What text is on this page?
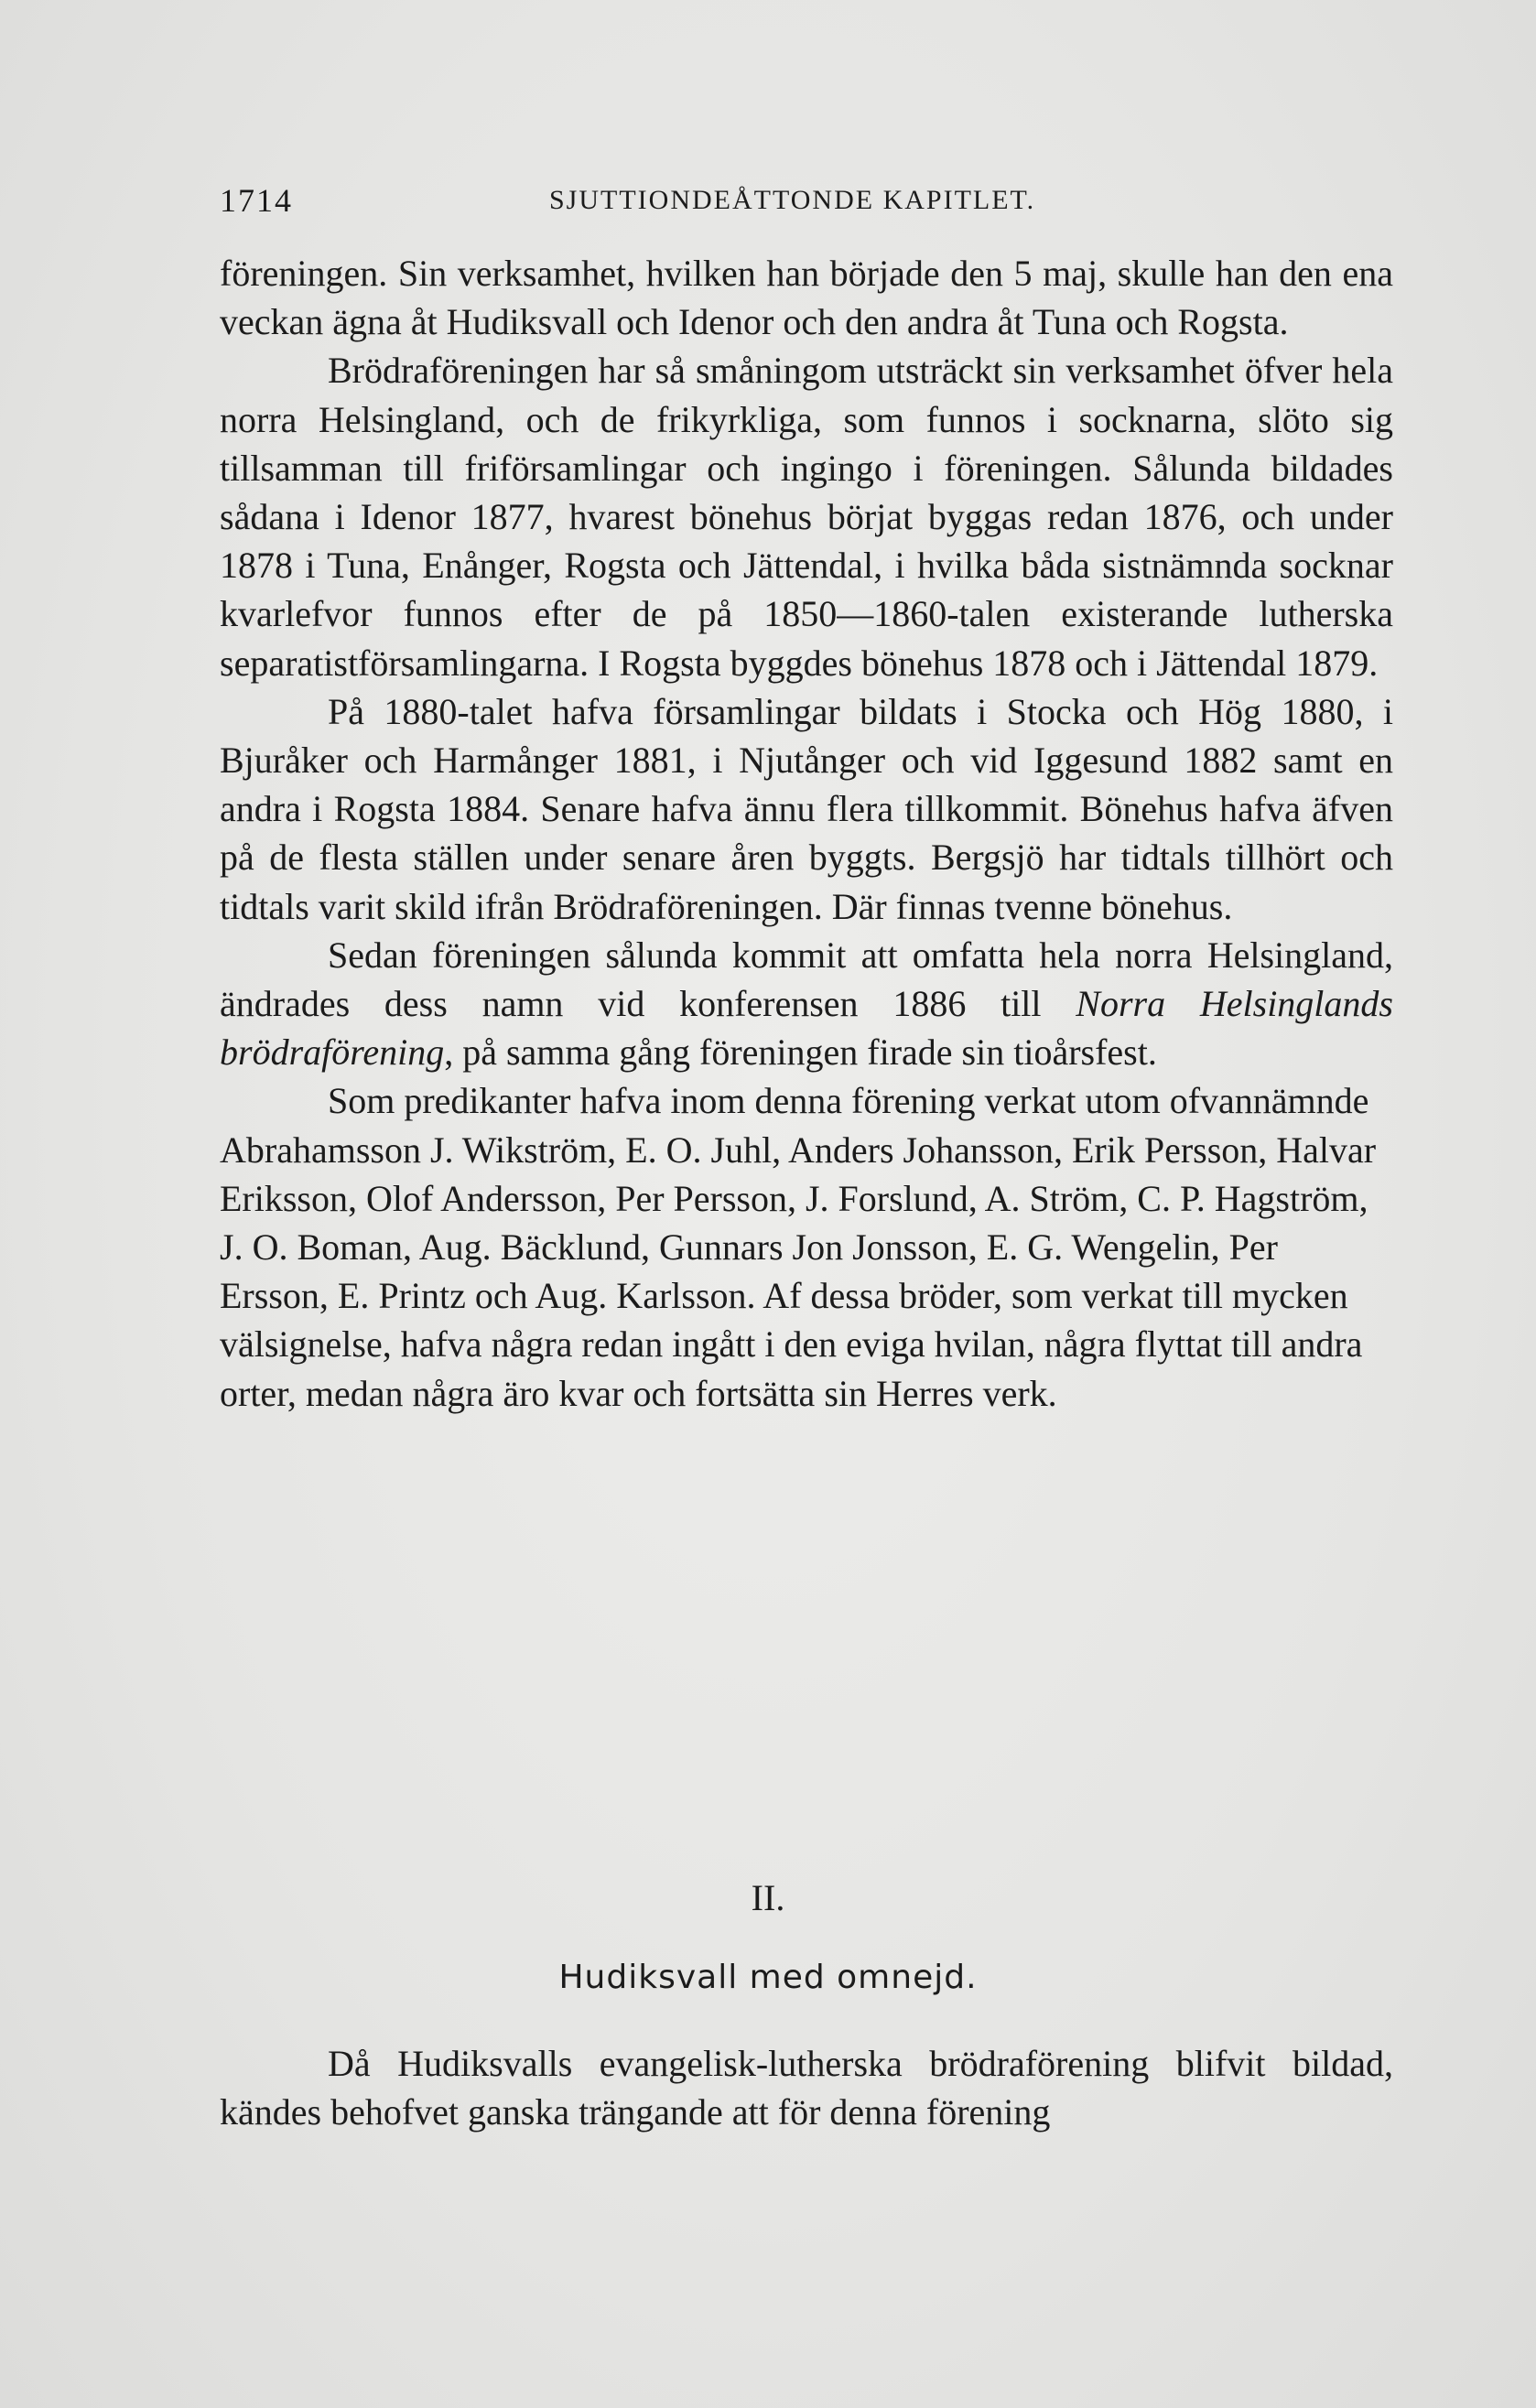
1714	SJUTTIONDEÅTTONDE KAPITLET.

föreningen. Sin verksamhet, hvilken han började den 5 maj, skulle han den ena veckan ägna åt Hudiksvall och Idenor och den andra åt Tuna och Rogsta.

Brödraföreningen har så småningom utsträckt sin verksamhet öfver hela norra Helsingland, och de frikyrkliga, som funnos i socknarna, slöto sig tillsamman till friförsamlingar och ingingo i föreningen. Sålunda bildades sådana i Idenor 1877, hvarest bönehus börjat byggas redan 1876, och under 1878 i Tuna, Enånger, Rogsta och Jättendal, i hvilka båda sistnämnda socknar kvarlefvor funnos efter de på 1850—1860-talen existerande lutherska separatistförsamlingarna. I Rogsta byggdes bönehus 1878 och i Jättendal 1879.

På 1880-talet hafva församlingar bildats i Stocka och Hög 1880, i Bjuråker och Harmånger 1881, i Njutånger och vid Iggesund 1882 samt en andra i Rogsta 1884. Senare hafva ännu flera tillkommit. Bönehus hafva äfven på de flesta ställen under senare åren byggts. Bergsjö har tidtals tillhört och tidtals varit skild ifrån Brödraföreningen. Där finnas tvenne bönehus.

Sedan föreningen sålunda kommit att omfatta hela norra Helsingland, ändrades dess namn vid konferensen 1886 till Norra Helsinglands brödraförening, på samma gång föreningen firade sin tioårsfest.

Som predikanter hafva inom denna förening verkat utom ofvannämnde Abrahamsson J. Wikström, E. O. Juhl, Anders Johansson, Erik Persson, Halvar Eriksson, Olof Andersson, Per Persson, J. Forslund, A. Ström, C. P. Hagström, J. O. Boman, Aug. Bäcklund, Gunnars Jon Jonsson, E. G. Wengelin, Per Ersson, E. Printz och Aug. Karlsson. Af dessa bröder, som verkat till mycken välsignelse, hafva några redan ingått i den eviga hvilan, några flyttat till andra orter, medan några äro kvar och fortsätta sin Herres verk.

II.
Hudiksvall med omnejd.

Då Hudiksvalls evangelisk-lutherska brödraförening blifvit bildad, kändes behofvet ganska trängande att för denna förening
